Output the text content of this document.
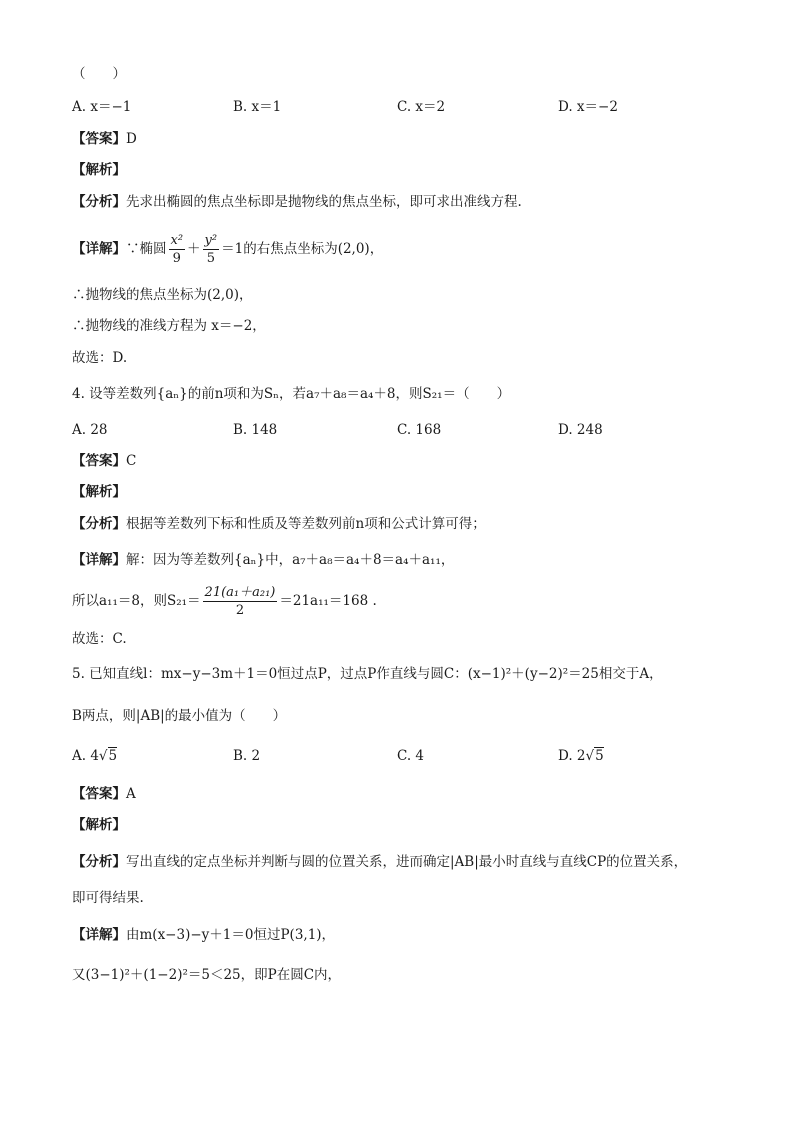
（　　）
A. x＝−1	B. x＝1	C. x＝2	D. x＝−2
【答案】D
【解析】
【分析】先求出椭圆的焦点坐标即是抛物线的焦点坐标，即可求出准线方程.
【详解】∵椭圆 $\frac{\text{x²}}{9} + \frac{\text{y²}}{5} =1$的右焦点坐标为(2,0)，
∴抛物线的焦点坐标为(2,0)，
∴抛物线的准线方程为 x＝−2，
故选：D.
4. 设等差数列{aₙ}的前n项和为Sₙ，若a₇＋a₈＝a₄＋8，则S₂₁＝（　　）
A. 28	B. 148	C. 168	D. 248
【答案】C
【解析】
【分析】根据等差数列下标和性质及等差数列前n项和公式计算可得；
【详解】解：因为等差数列{aₙ}中，a₇＋a₈＝a₄＋8＝a₄＋a₁₁，
所以a₁₁＝8，则$S_{21}= \frac{\text{21(a₁＋a₂₁)}}{2} =21a_{11}=168$ .
故选：C.
5. 已知直线l：mx−y−3m＋1＝0恒过点P，过点P作直线与圆C：(x−1)²＋(y−2)²＝25相交于A，
B两点，则|AB|的最小值为（　　）
A. 4√5	B. 2	C. 4	D. 2√5
【答案】A
【解析】
【分析】写出直线的定点坐标并判断与圆的位置关系，进而确定|AB|最小时直线与直线CP的位置关系，
即可得结果.
【详解】由m(x−3)−y＋1＝0恒过P(3,1)，
又(3−1)²＋(1−2)²＝5＜25，即P在圆C内，
